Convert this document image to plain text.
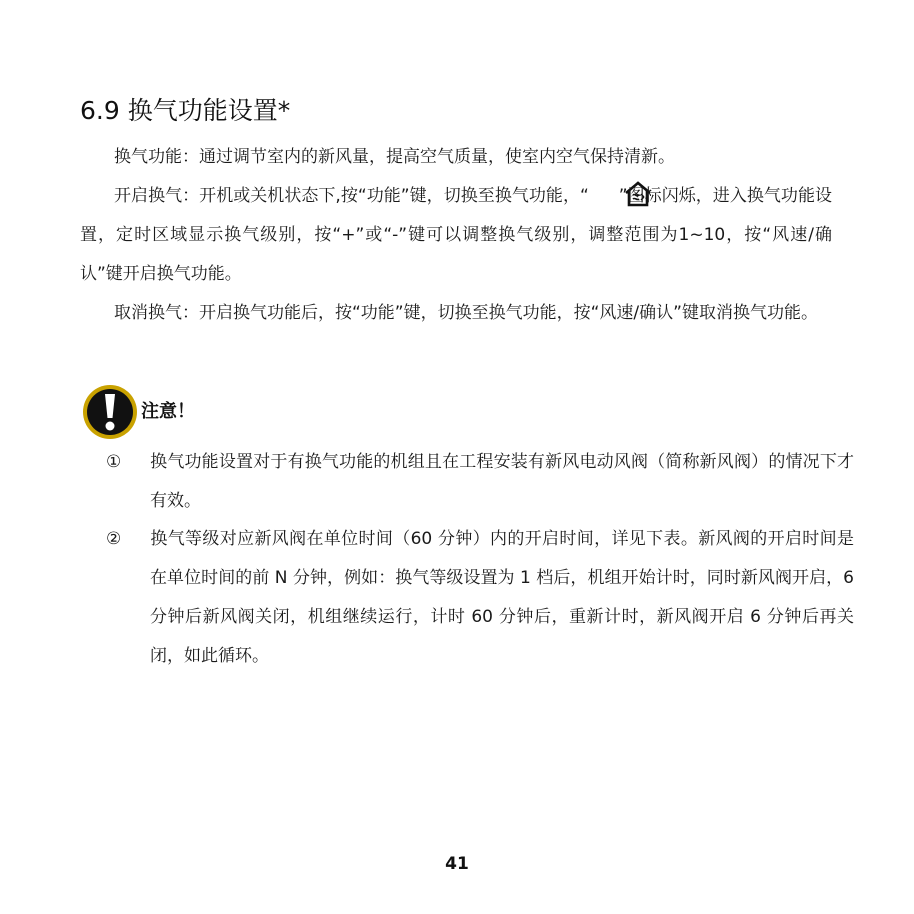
6.9 换气功能设置*
换气功能：通过调节室内的新风量，提高空气质量，使室内空气保持清新。
开启换气：开机或关机状态下,按“功能”键，切换至换气功能，“ ”图标闪烁，进入换气功能设置，定时区域显示换气级别，按“+”或“-”键可以调整换气级别，调整范围为1~10，按“风速/确认”键开启换气功能。
取消换气：开启换气功能后，按“功能”键，切换至换气功能，按“风速/确认”键取消换气功能。
注意！
① 换气功能设置对于有换气功能的机组且在工程安装有新风电动风阀（简称新风阀）的情况下才有效。
② 换气等级对应新风阀在单位时间（60 分钟）内的开启时间，详见下表。新风阀的开启时间是在单位时间的前 N 分钟，例如：换气等级设置为 1 档后，机组开始计时，同时新风阀开启，6 分钟后新风阀关闭，机组继续运行，计时 60 分钟后，重新计时，新风阀开启 6 分钟后再关闭，如此循环。
41
